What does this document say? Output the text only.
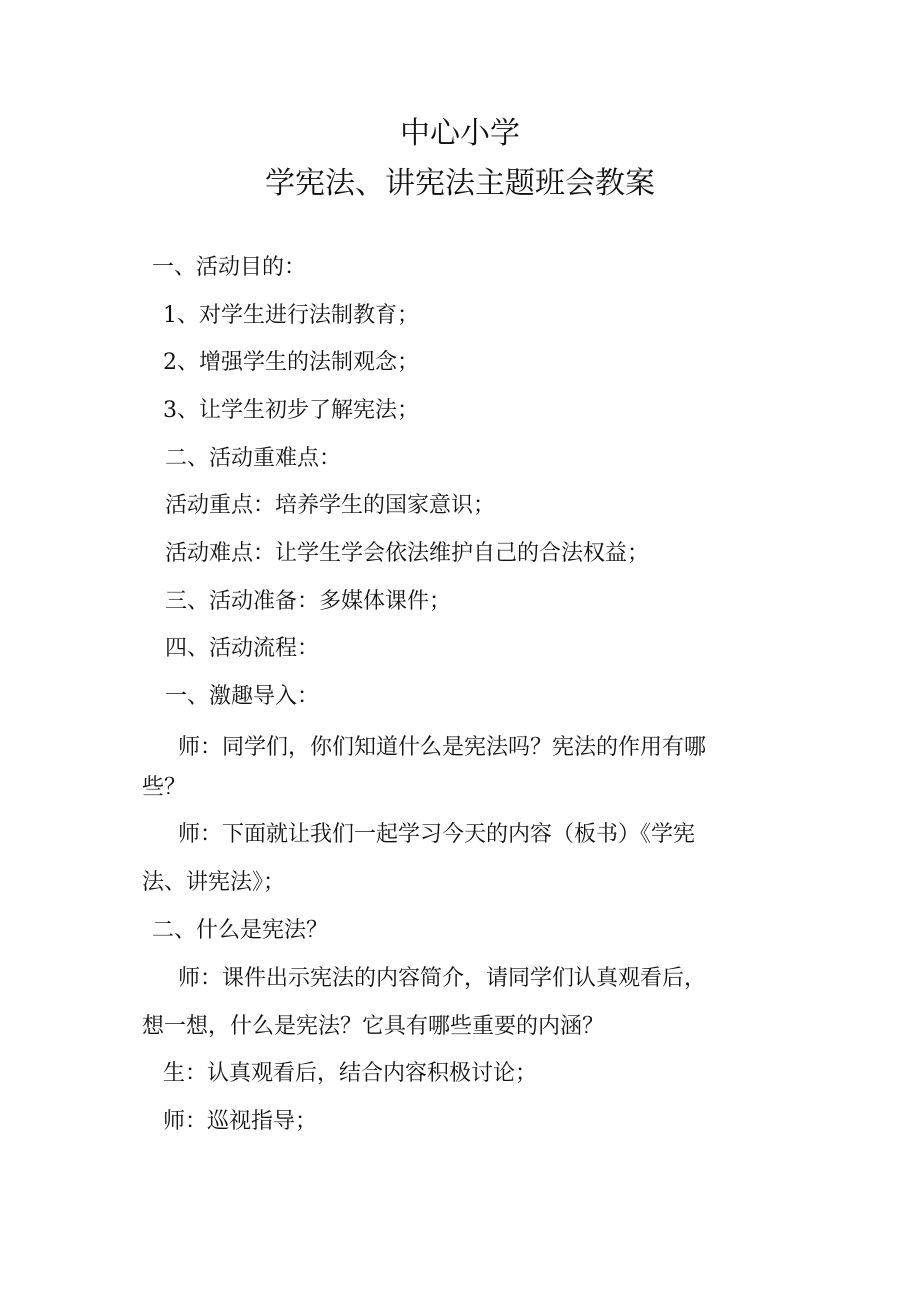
中心小学
学宪法、讲宪法主题班会教案
一、活动目的：
1、对学生进行法制教育；
2、增强学生的法制观念；
3、让学生初步了解宪法；
二、活动重难点：
活动重点：培养学生的国家意识；
活动难点：让学生学会依法维护自己的合法权益；
三、活动准备：多媒体课件；
四、活动流程：
一、激趣导入：
师：同学们，你们知道什么是宪法吗？宪法的作用有哪
些？
师：下面就让我们一起学习今天的内容（板书）《学宪
法、讲宪法》；
二、什么是宪法？
师：课件出示宪法的内容简介，请同学们认真观看后，
想一想，什么是宪法？它具有哪些重要的内涵？
生：认真观看后，结合内容积极讨论；
师：巡视指导；
